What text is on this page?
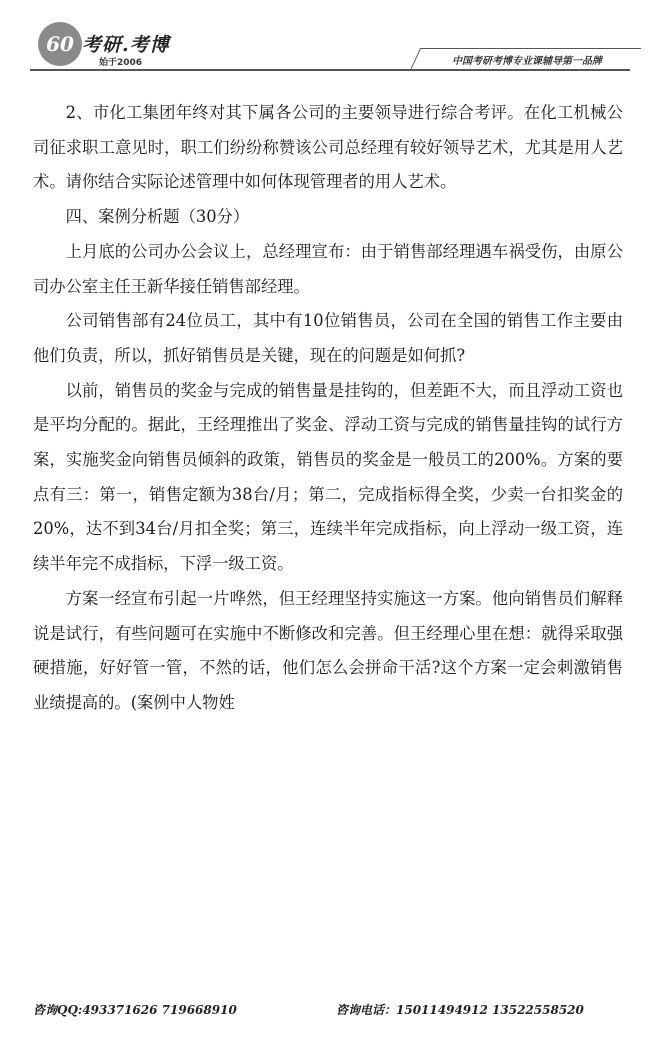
60 考研.考博
始于2006	中国考研考博专业课辅导第一品牌

2、市化工集团年终对其下属各公司的主要领导进行综合考评。在化工机械公司征求职工意见时，职工们纷纷称赞该公司总经理有较好领导艺术，尤其是用人艺术。请你结合实际论述管理中如何体现管理者的用人艺术。

四、案例分析题（30分）

上月底的公司办公会议上，总经理宣布：由于销售部经理遇车祸受伤，由原公司办公室主任王新华接任销售部经理。

公司销售部有24位员工，其中有10位销售员，公司在全国的销售工作主要由他们负责，所以，抓好销售员是关键，现在的问题是如何抓?

以前，销售员的奖金与完成的销售量是挂钩的，但差距不大，而且浮动工资也是平均分配的。据此，王经理推出了奖金、浮动工资与完成的销售量挂钩的试行方案，实施奖金向销售员倾斜的政策，销售员的奖金是一般员工的200%。方案的要点有三：第一，销售定额为38台/月；第二，完成指标得全奖，少卖一台扣奖金的20%，达不到34台/月扣全奖；第三，连续半年完成指标，向上浮动一级工资，连续半年完不成指标，下浮一级工资。

方案一经宣布引起一片哗然，但王经理坚持实施这一方案。他向销售员们解释说是试行，有些问题可在实施中不断修改和完善。但王经理心里在想：就得采取强硬措施，好好管一管，不然的话，他们怎么会拼命干活?这个方案一定会刺激销售业绩提高的。(案例中人物姓

咨询QQ:493371626 719668910	咨询电话：15011494912 13522558520
